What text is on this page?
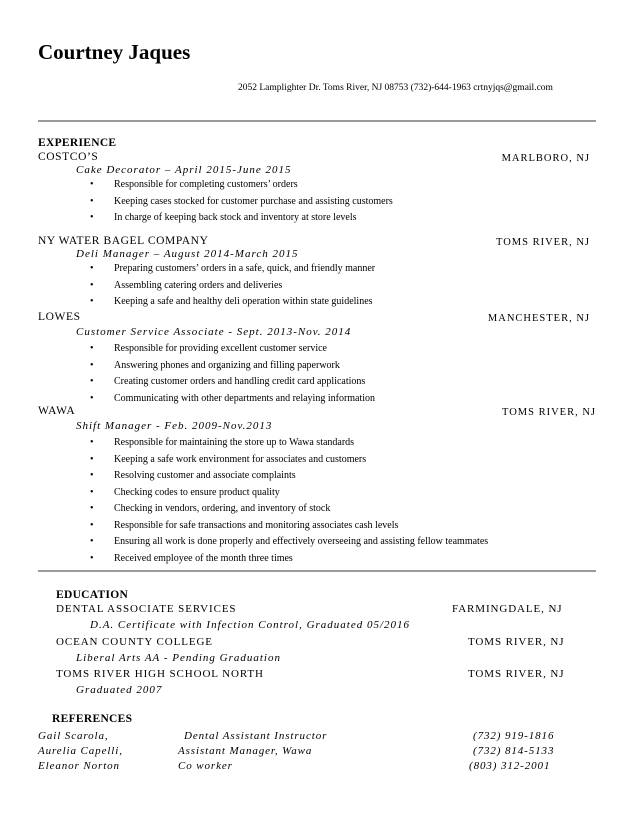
Courtney Jaques
2052 Lamplighter Dr. Toms River, NJ 08753 (732)-644-1963 crtnyjqs@gmail.com
EXPERIENCE
COSTCO’S	MARLBORO, NJ
Cake Decorator – April 2015-June 2015
• Responsible for completing customers’ orders
• Keeping cases stocked for customer purchase and assisting customers
• In charge of keeping back stock and inventory at store levels
NY WATER BAGEL COMPANY	TOMS RIVER, NJ
Deli Manager – August 2014-March 2015
• Preparing customers’ orders in a safe, quick, and friendly manner
• Assembling catering orders and deliveries
• Keeping a safe and healthy deli operation within state guidelines
LOWES	MANCHESTER, NJ
Customer Service Associate - Sept. 2013-Nov. 2014
• Responsible for providing excellent customer service
• Answering phones and organizing and filling paperwork
• Creating customer orders and handling credit card applications
• Communicating with other departments and relaying information
WAWA	TOMS RIVER, NJ
Shift Manager - Feb. 2009-Nov.2013
• Responsible for maintaining the store up to Wawa standards
• Keeping a safe work environment for associates and customers
• Resolving customer and associate complaints
• Checking codes to ensure product quality
• Checking in vendors, ordering, and inventory of stock
• Responsible for safe transactions and monitoring associates cash levels
• Ensuring all work is done properly and effectively overseeing and assisting fellow teammates
• Received employee of the month three times
EDUCATION
DENTAL ASSOCIATE SERVICES	FARMINGDALE, NJ
D.A. Certificate with Infection Control, Graduated 05/2016
OCEAN COUNTY COLLEGE	TOMS RIVER, NJ
Liberal Arts AA - Pending Graduation
TOMS RIVER HIGH SCHOOL NORTH	TOMS RIVER, NJ
Graduated 2007
REFERENCES
Gail Scarola,	Dental Assistant Instructor	(732) 919-1816
Aurelia Capelli,	Assistant Manager, Wawa	(732) 814-5133
Eleanor Norton	Co worker	(803) 312-2001
